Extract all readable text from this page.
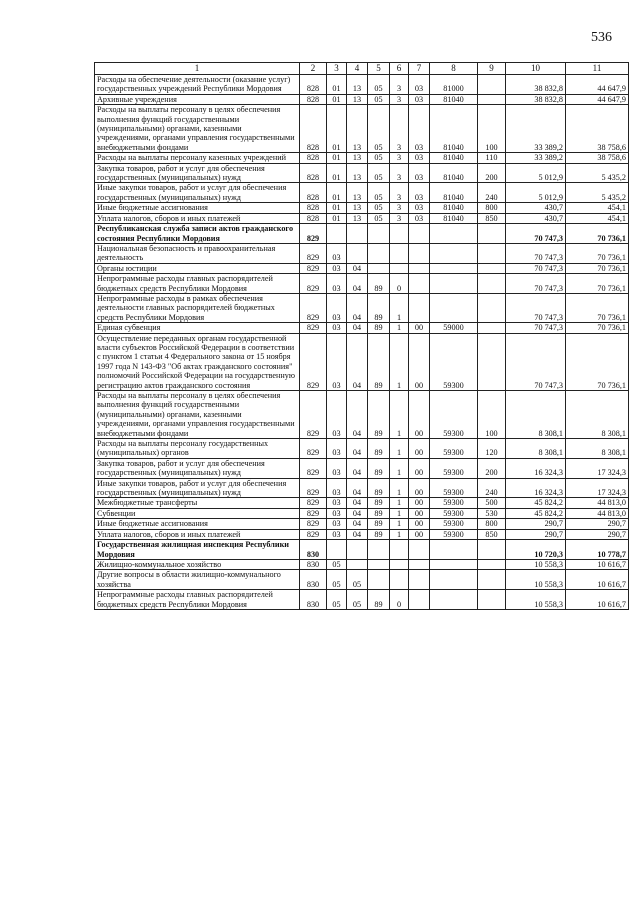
536
1	2	3	4	5	6	7	8	9	10	11
Расходы на обеспечение деятельности (оказание услуг) государственных учреждений Республики Мордовия	828	01	13	05	3	03	81000		38 832,8	44 647,9
Архивные учреждения	828	01	13	05	3	03	81040		38 832,8	44 647,9
Расходы на выплаты персоналу в целях обеспечения выполнения функций государственными (муниципальными) органами, казенными учреждениями, органами управления государственными внебюджетными фондами	828	01	13	05	3	03	81040	100	33 389,2	38 758,6
Расходы на выплаты персоналу казенных учреждений	828	01	13	05	3	03	81040	110	33 389,2	38 758,6
Закупка товаров, работ и услуг для обеспечения государственных (муниципальных) нужд	828	01	13	05	3	03	81040	200	5 012,9	5 435,2
Иные закупки товаров, работ и услуг для обеспечения государственных (муниципальных) нужд	828	01	13	05	3	03	81040	240	5 012,9	5 435,2
Иные бюджетные ассигнования	828	01	13	05	3	03	81040	800	430,7	454,1
Уплата налогов, сборов и иных платежей	828	01	13	05	3	03	81040	850	430,7	454,1
Республиканская служба записи актов гражданского состояния Республики Мордовия	829								70 747,3	70 736,1
Национальная безопасность и правоохранительная деятельность	829	03							70 747,3	70 736,1
Органы юстиции	829	03	04						70 747,3	70 736,1
Непрограммные расходы главных распорядителей бюджетных средств Республики Мордовия	829	03	04	89	0				70 747,3	70 736,1
Непрограммные расходы в рамках обеспечения деятельности главных распорядителей бюджетных средств Республики Мордовия	829	03	04	89	1				70 747,3	70 736,1
Единая субвенция	829	03	04	89	1	00	59000		70 747,3	70 736,1
Осуществление переданных органам государственной власти субъектов Российской Федерации в соответствии с пунктом 1 статьи 4 Федерального закона от 15 ноября 1997 года N 143-ФЗ "Об актах гражданского состояния" полномочий Российской Федерации на государственную регистрацию актов гражданского состояния	829	03	04	89	1	00	59300		70 747,3	70 736,1
Расходы на выплаты персоналу в целях обеспечения выполнения функций государственными (муниципальными) органами, казенными учреждениями, органами управления государственными внебюджетными фондами	829	03	04	89	1	00	59300	100	8 308,1	8 308,1
Расходы на выплаты персоналу государственных (муниципальных) органов	829	03	04	89	1	00	59300	120	8 308,1	8 308,1
Закупка товаров, работ и услуг для обеспечения государственных (муниципальных) нужд	829	03	04	89	1	00	59300	200	16 324,3	17 324,3
Иные закупки товаров, работ и услуг для обеспечения государственных (муниципальных) нужд	829	03	04	89	1	00	59300	240	16 324,3	17 324,3
Межбюджетные трансферты	829	03	04	89	1	00	59300	500	45 824,2	44 813,0
Субвенции	829	03	04	89	1	00	59300	530	45 824,2	44 813,0
Иные бюджетные ассигнования	829	03	04	89	1	00	59300	800	290,7	290,7
Уплата налогов, сборов и иных платежей	829	03	04	89	1	00	59300	850	290,7	290,7
Государственная жилищная инспекция Республики Мордовия	830								10 720,3	10 778,7
Жилищно-коммунальное хозяйство	830	05							10 558,3	10 616,7
Другие вопросы в области жилищно-коммунального хозяйства	830	05	05						10 558,3	10 616,7
Непрограммные расходы главных распорядителей бюджетных средств Республики Мордовия	830	05	05	89	0				10 558,3	10 616,7
